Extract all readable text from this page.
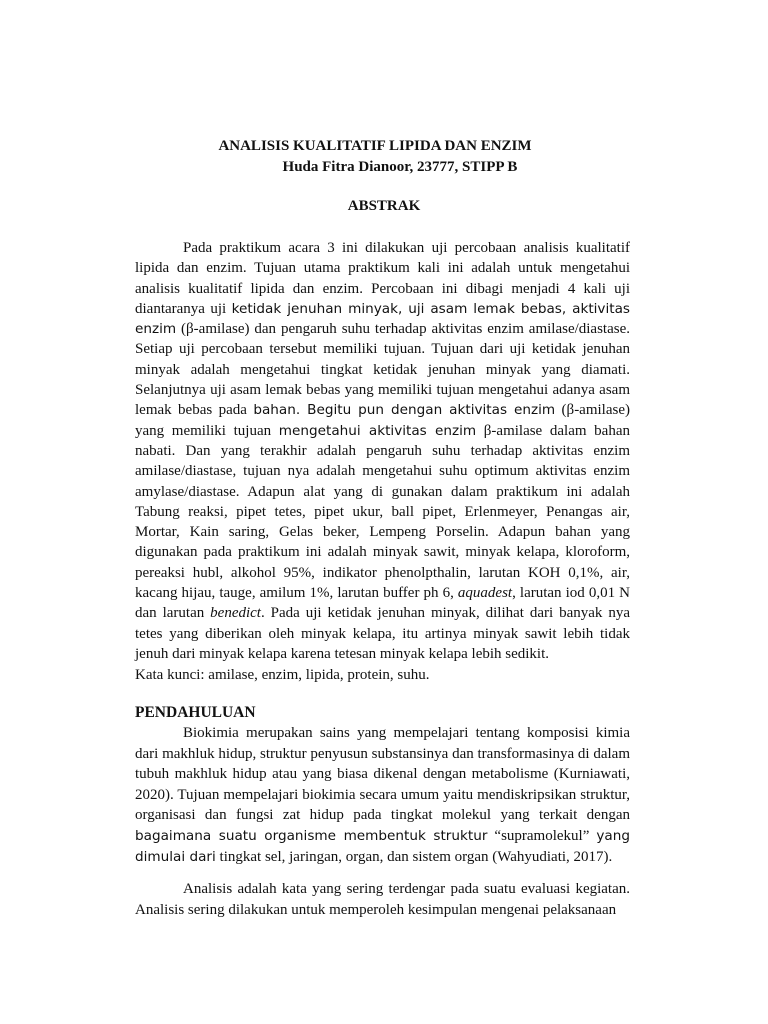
ANALISIS KUALITATIF LIPIDA DAN ENZIM
Huda Fitra Dianoor, 23777, STIPP B
ABSTRAK

Pada praktikum acara 3 ini dilakukan uji percobaan analisis kualitatif lipida dan enzim. Tujuan utama praktikum kali ini adalah untuk mengetahui analisis kualitatif lipida dan enzim. Percobaan ini dibagi menjadi 4 kali uji diantaranya uji ketidak jenuhan minyak, uji asam lemak bebas, aktivitas enzim (β-amilase) dan pengaruh suhu terhadap aktivitas enzim amilase/diastase. Setiap uji percobaan tersebut memiliki tujuan. Tujuan dari uji ketidak jenuhan minyak adalah mengetahui tingkat ketidak jenuhan minyak yang diamati. Selanjutnya uji asam lemak bebas yang memiliki tujuan mengetahui adanya asam lemak bebas pada bahan. Begitu pun dengan aktivitas enzim (β-amilase) yang memiliki tujuan mengetahui aktivitas enzim β-amilase dalam bahan nabati. Dan yang terakhir adalah pengaruh suhu terhadap aktivitas enzim amilase/diastase, tujuan nya adalah mengetahui suhu optimum aktivitas enzim amylase/diastase. Adapun alat yang di gunakan dalam praktikum ini adalah Tabung reaksi, pipet tetes, pipet ukur, ball pipet, Erlenmeyer, Penangas air, Mortar, Kain saring, Gelas beker, Lempeng Porselin. Adapun bahan yang digunakan pada praktikum ini adalah minyak sawit, minyak kelapa, kloroform, pereaksi hubl, alkohol 95%, indikator phenolpthalin, larutan KOH 0,1%, air, kacang hijau, tauge, amilum 1%, larutan buffer ph 6, aquadest, larutan iod 0,01 N dan larutan benedict. Pada uji ketidak jenuhan minyak, dilihat dari banyak nya tetes yang diberikan oleh minyak kelapa, itu artinya minyak sawit lebih tidak jenuh dari minyak kelapa karena tetesan minyak kelapa lebih sedikit.

Kata kunci: amilase, enzim, lipida, protein, suhu.
PENDAHULUAN

Biokimia merupakan sains yang mempelajari tentang komposisi kimia dari makhluk hidup, struktur penyusun substansinya dan transformasinya di dalam tubuh makhluk hidup atau yang biasa dikenal dengan metabolisme (Kurniawati, 2020). Tujuan mempelajari biokimia secara umum yaitu mendiskripsikan struktur, organisasi dan fungsi zat hidup pada tingkat molekul yang terkait dengan bagaimana suatu organisme membentuk struktur “supramolekul” yang dimulai dari tingkat sel, jaringan, organ, dan sistem organ (Wahyudiati, 2017).

Analisis adalah kata yang sering terdengar pada suatu evaluasi kegiatan. Analisis sering dilakukan untuk memperoleh kesimpulan mengenai pelaksanaan
